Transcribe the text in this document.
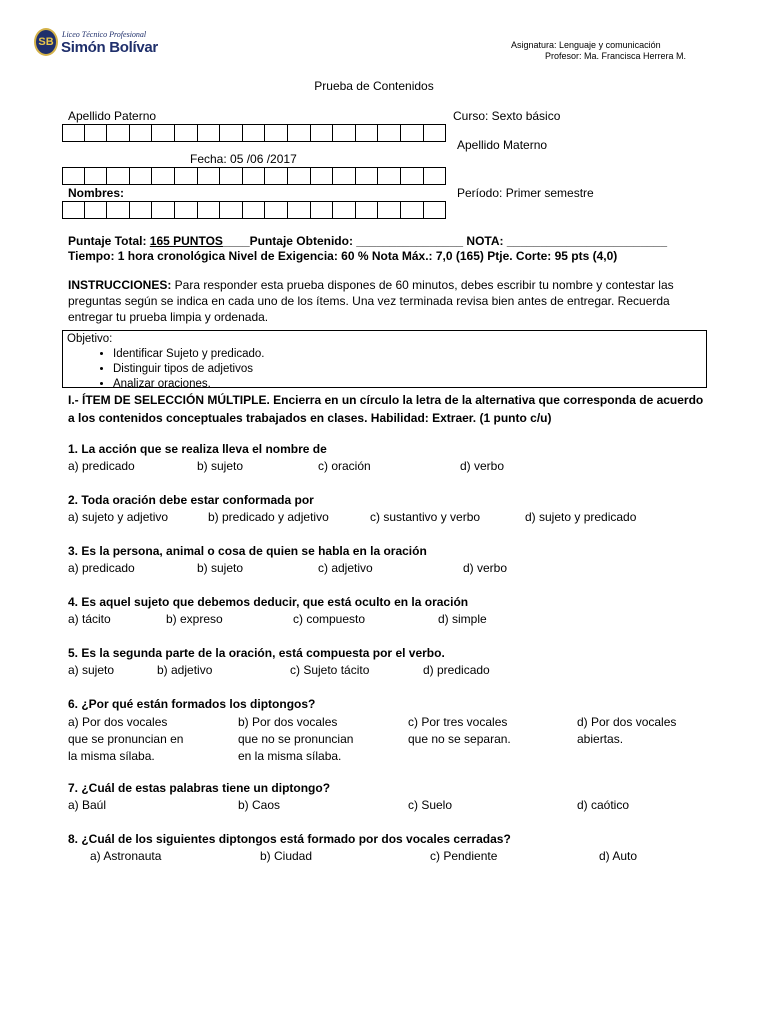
SB
Liceo Técnico Profesional
Simón Bolívar	Asignatura: Lenguaje y comunicación
Profesor: Ma. Francisca Herrera M.
Prueba de Contenidos
Apellido Paterno	Curso: Sexto básico
Apellido Materno
Fecha: 05 /06 /2017
Nombres:	Período: Primer semestre
Puntaje Total: 165 PUNTOS____Puntaje Obtenido: ________________ NOTA: ________________________
Tiempo: 1 hora cronológica Nivel de Exigencia: 60 % Nota Máx.: 7,0 (165) Ptje. Corte: 95 pts (4,0)
INSTRUCCIONES: Para responder esta prueba dispones de 60 minutos, debes escribir tu nombre y contestar las preguntas según se indica en cada uno de los ítems. Una vez terminada revisa bien antes de entregar. Recuerda entregar tu prueba limpia y ordenada.
Objetivo:
• Identificar Sujeto y predicado.
• Distinguir tipos de adjetivos
• Analizar oraciones.
I.- ÍTEM DE SELECCIÓN MÚLTIPLE. Encierra en un círculo la letra de la alternativa que corresponda de acuerdo a los contenidos conceptuales trabajados en clases. Habilidad: Extraer. (1 punto c/u)
1. La acción que se realiza lleva el nombre de
a) predicado	b) sujeto	c) oración	d) verbo
2. Toda oración debe estar conformada por
a) sujeto y adjetivo	b) predicado y adjetivo	c) sustantivo y verbo	d) sujeto y predicado
3. Es la persona, animal o cosa de quien se habla en la oración
a) predicado	b) sujeto	c) adjetivo	d) verbo
4. Es aquel sujeto que debemos deducir, que está oculto en la oración
a) tácito	b) expreso	c) compuesto	d) simple
5. Es la segunda parte de la oración, está compuesta por el verbo.
a) sujeto	b) adjetivo	c) Sujeto tácito	d) predicado
6. ¿Por qué están formados los diptongos?
a) Por dos vocales
que se pronuncian en
la misma sílaba.
b) Por dos vocales
que no se pronuncian
en la misma sílaba.
c) Por tres vocales
que no se separan.
d) Por dos vocales
abiertas.
7. ¿Cuál de estas palabras tiene un diptongo?
a) Baúl	b) Caos	c) Suelo	d) caótico
8. ¿Cuál de los siguientes diptongos está formado por dos vocales cerradas?
a) Astronauta	b) Ciudad	c) Pendiente	d) Auto
